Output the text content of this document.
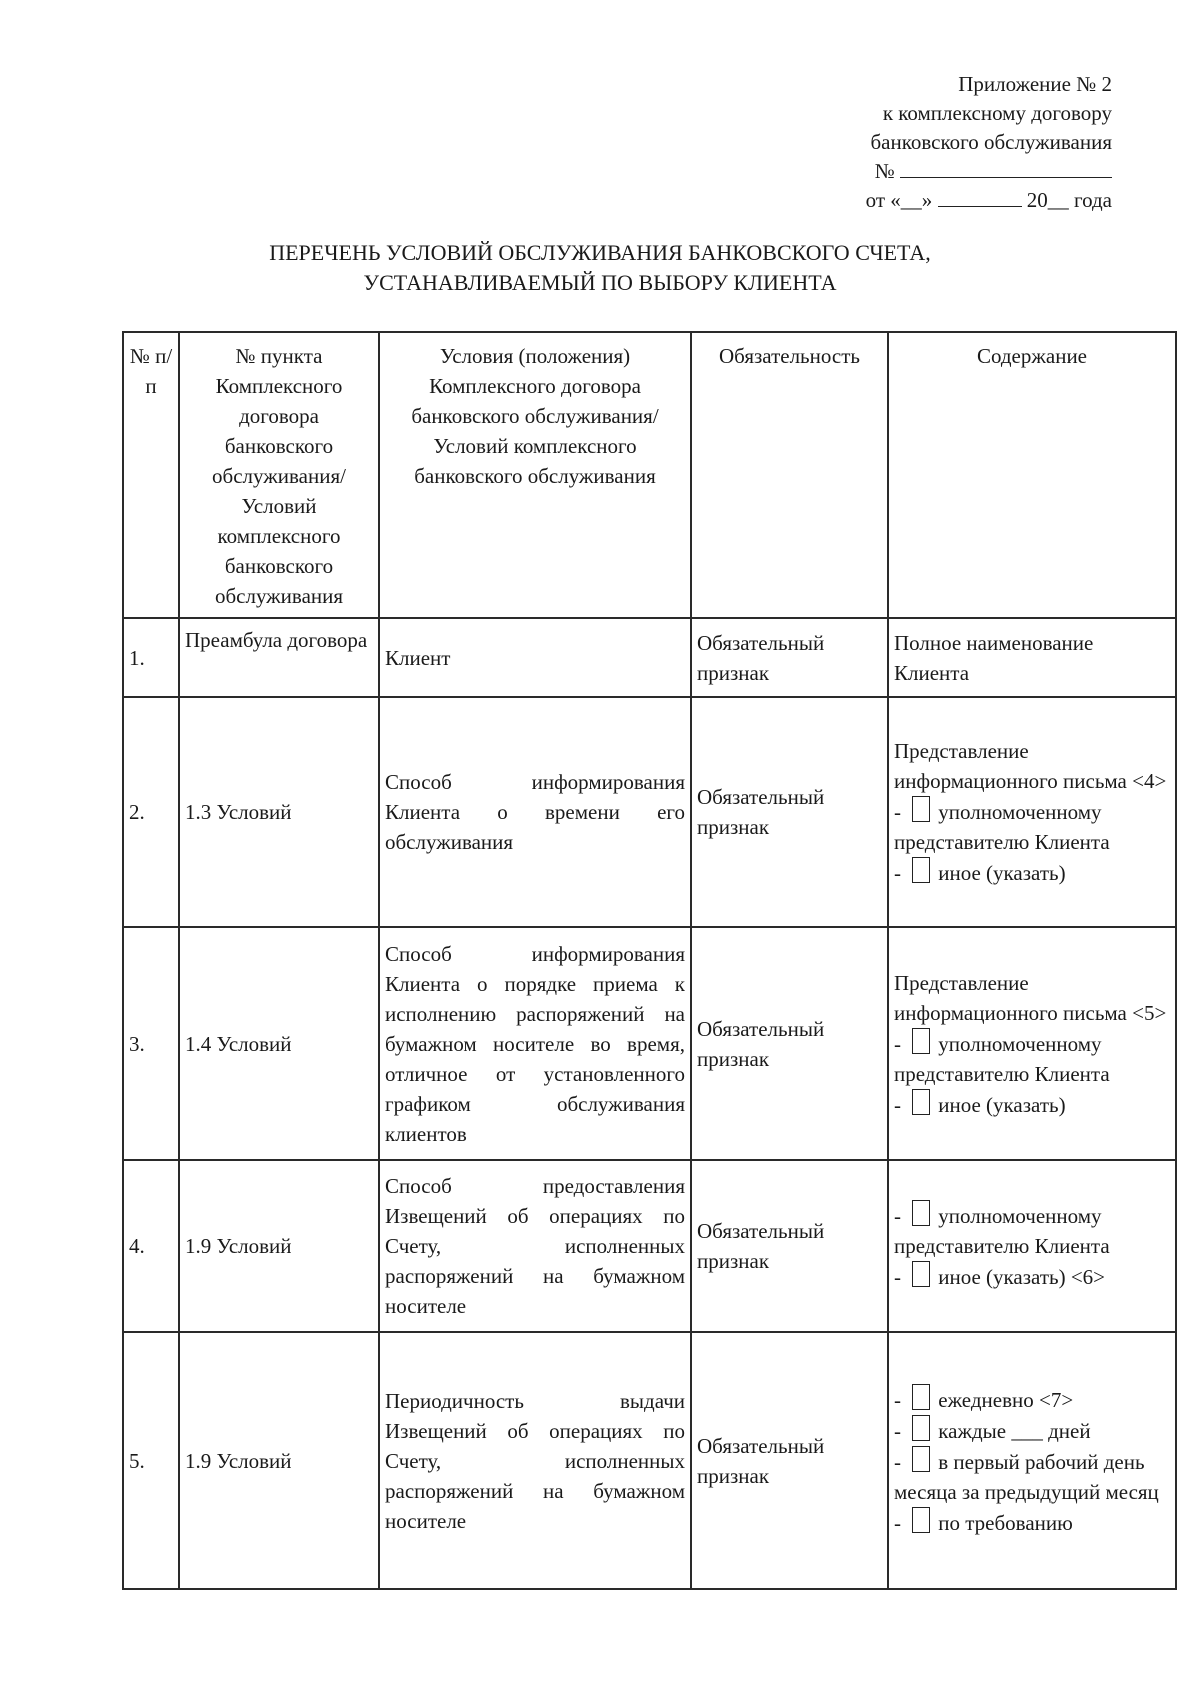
Приложение № 2
к комплексному договору
банковского обслуживания
№
от «__»	20__ года
ПЕРЕЧЕНЬ УСЛОВИЙ ОБСЛУЖИВАНИЯ БАНКОВСКОГО СЧЕТА,
УСТАНАВЛИВАЕМЫЙ ПО ВЫБОРУ КЛИЕНТА
№ п/п	№ пункта Комплексного договора банковского обслуживания/ Условий комплексного банковского обслуживания	Условия (положения) Комплексного договора банковского обслуживания/Условий комплексного банковского обслуживания	Обязательность	Содержание
1.	Преамбула договора	Клиент	Обязательный признак	Полное наименование Клиента
2.	1.3 Условий	Способ информирования Клиента о времени его обслуживания	Обязательный признак	Представление информационного письма <4>
- уполномоченному представителю Клиента
- иное (указать)

3.	1.4 Условий	Способ информирования Клиента о порядке приема к исполнению распоряжений на бумажном носителе во время, отличное от установленного графиком обслуживания клиентов	Обязательный признак	Представление информационного письма <5>
- уполномоченному представителю Клиента
- иное (указать)

4.	1.9 Условий	Способ предоставления Извещений об операциях по Счету, исполненных распоряжений на бумажном носителе	Обязательный признак	- уполномоченному представителю Клиента
- иное (указать) <6>

5.	1.9 Условий	Периодичность выдачи Извещений об операциях по Счету, исполненных распоряжений на бумажном носителе	Обязательный признак	- ежедневно <7>
- каждые ___ дней
- в первый рабочий день месяца за предыдущий месяц
- по требованию
